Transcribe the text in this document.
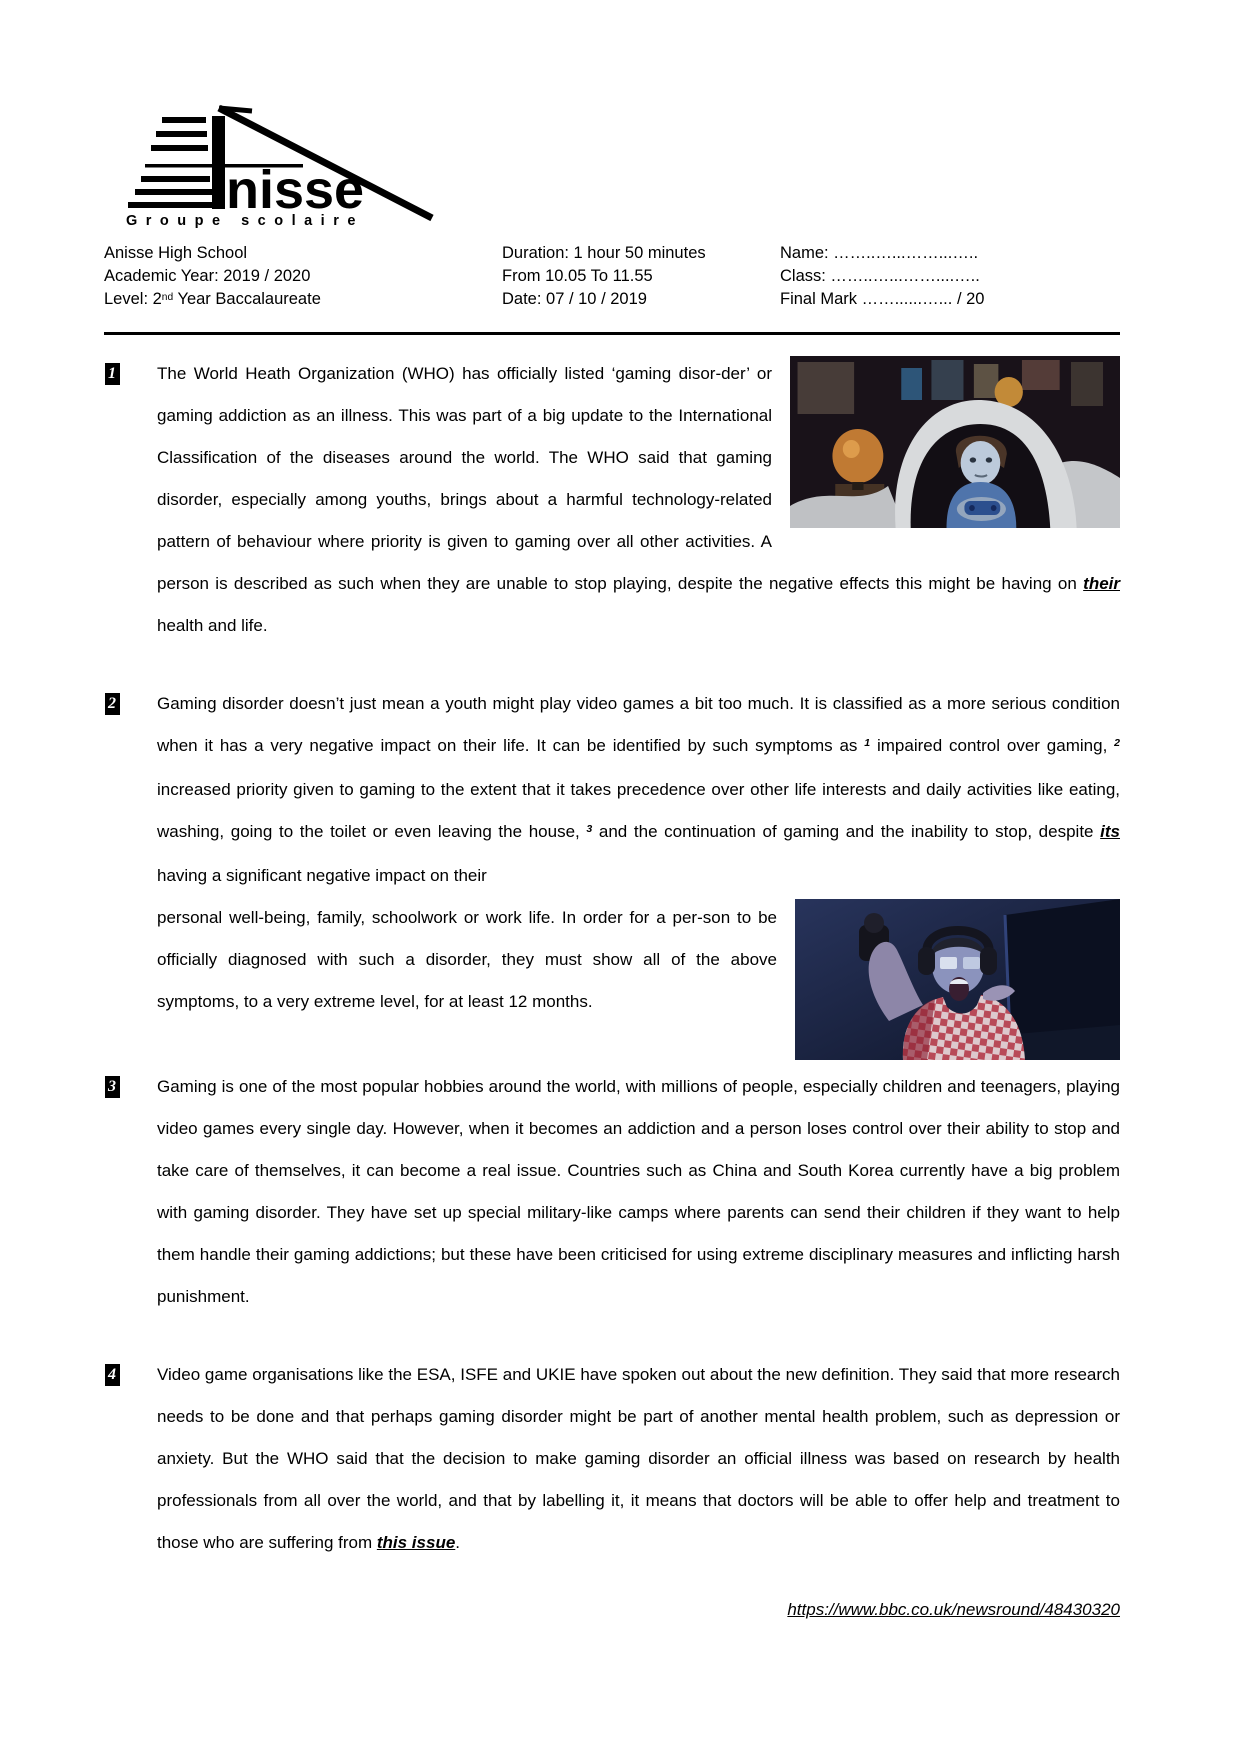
nisse
Groupe scolaire
Anisse High School
Academic Year: 2019 / 2020
Level: 2nd Year Baccalaureate
Duration: 1 hour 50 minutes
From 10.05 To 11.55
Date: 07 / 10 / 2019
Name: ……..…...……...…..
Class: ……..…...……....…..
Final Mark ……......…... / 20
1 The World Heath Organization (WHO) has officially listed ‘gaming disor-der’ or gaming addiction as an illness. This was part of a big update to the International Classification of the diseases around the world. The WHO said that gaming disorder, especially among youths, brings about a harmful technology-related pattern of behaviour where priority is given to gaming over all other activities. A person is described as such when they are unable to stop playing, despite the negative effects this might be having on their health and life.
2 Gaming disorder doesn’t just mean a youth might play video games a bit too much. It is classified as a more serious condition when it has a very negative impact on their life. It can be identified by such symptoms as $^1$ impaired control over gaming, $^2$ increased priority given to gaming to the extent that it takes precedence over other life interests and daily activities like eating, washing, going to the toilet or even leaving the house, $^3$ and the continuation of gaming and the inability to stop, despite its having a significant negative impact on their
personal well-being, family, schoolwork or work life. In order for a per-son to be officially diagnosed with such a disorder, they must show all of the above symptoms, to a very extreme level, for at least 12 months.
3 Gaming is one of the most popular hobbies around the world, with millions of people, especially children and teenagers, playing video games every single day. However, when it becomes an addiction and a person loses control over their ability to stop and take care of themselves, it can become a real issue. Countries such as China and South Korea currently have a big problem with gaming disorder. They have set up special military-like camps where parents can send their children if they want to help them handle their gaming addictions; but these have been criticised for using extreme disciplinary measures and inflicting harsh punishment.
4 Video game organisations like the ESA, ISFE and UKIE have spoken out about the new definition. They said that more research needs to be done and that perhaps gaming disorder might be part of another mental health problem, such as depression or anxiety. But the WHO said that the decision to make gaming disorder an official illness was based on research by health professionals from all over the world, and that by labelling it, it means that doctors will be able to offer help and treatment to those who are suffering from this issue.
https://www.bbc.co.uk/newsround/48430320
